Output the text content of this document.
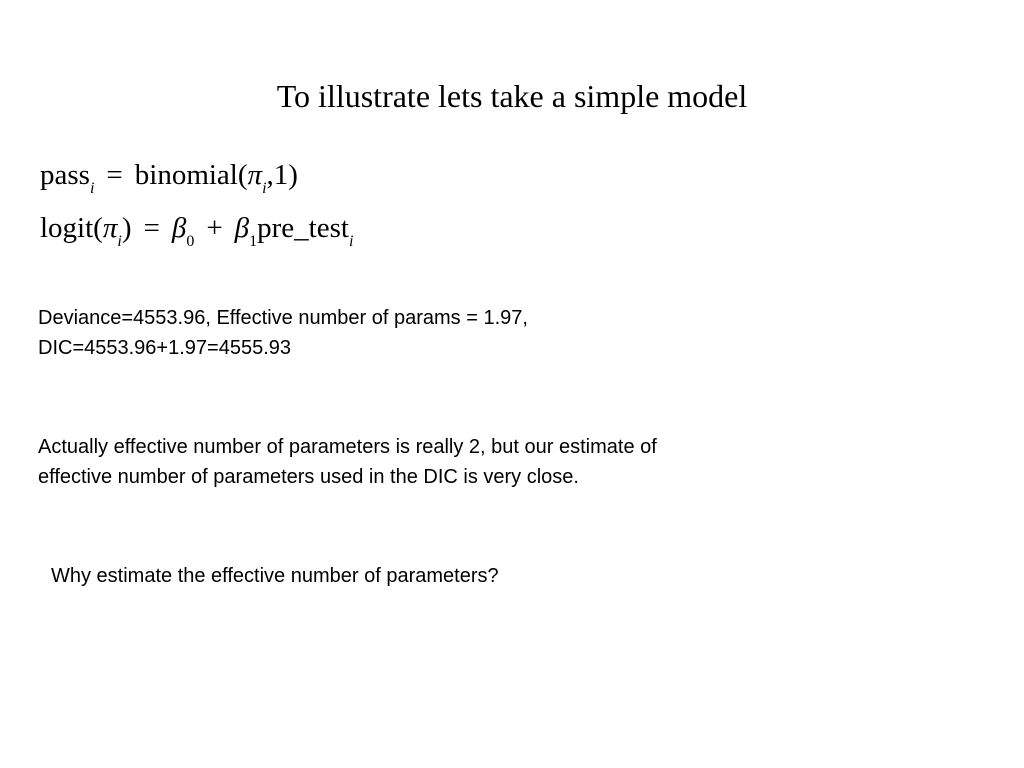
To illustrate lets take a simple model
pass$_i$ = $binomial(\pi_i,1)$
$logit(\pi_i) = \beta_0$ + $\beta_1pre\_test_i$
Deviance=4553.96, Effective number of params = 1.97,
DIC=4553.96+1.97=4555.93
Actually effective number of parameters is really 2, but our estimate of
effective number of parameters used in the DIC is very close.
Why estimate the effective number of parameters?
